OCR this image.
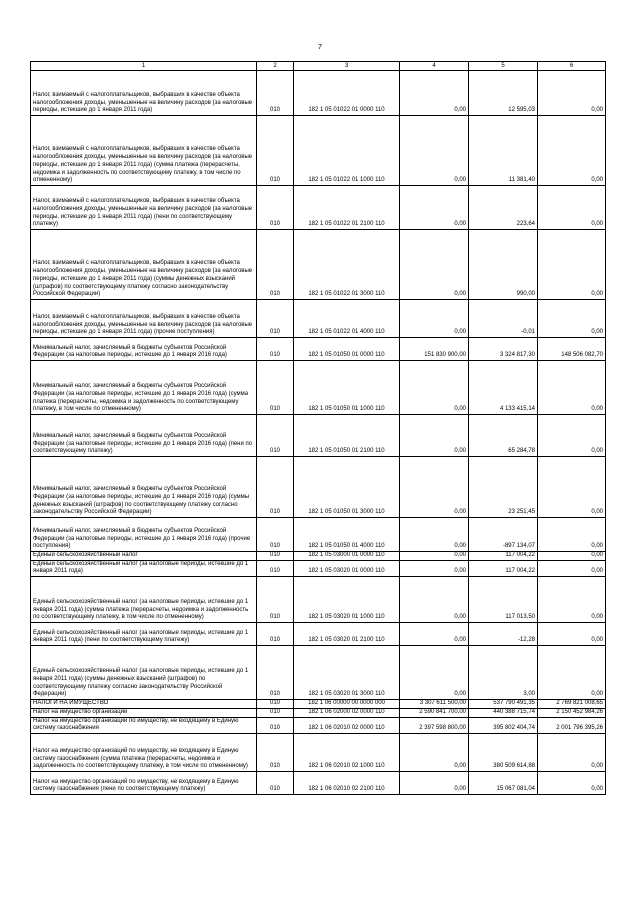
7
1	2	3	4	5	6
Налог, взимаемый с налогоплательщиков, выбравших в качестве объекта налогообложения доходы, уменьшенные на величину расходов (за налоговые периоды, истекшие до 1 января 2011 года)	010	182 1 05 01022 01 0000 110	0,00	12 595,03	0,00
Налог, взимаемый с налогоплательщиков, выбравших в качестве объекта налогообложения доходы, уменьшенные на величину расходов (за налоговые периоды, истекшие до 1 января 2011 года) (сумма платежа (перерасчеты, недоимка и задолженность по соответствующему платежу, в том числе по отмененному)	010	182 1 05 01022 01 1000 110	0,00	11 381,40	0,00
Налог, взимаемый с налогоплательщиков, выбравших в качестве объекта налогообложения доходы, уменьшенные на величину расходов (за налоговые периоды, истекшие до 1 января 2011 года) (пени по соответствующему платежу)	010	182 1 05 01022 01 2100 110	0,00	223,64	0,00
Налог, взимаемый с налогоплательщиков, выбравших в качестве объекта налогообложения доходы, уменьшенные на величину расходов (за налоговые периоды, истекшие до 1 января 2011 года) (суммы денежных взысканий (штрафов) по соответствующему платежу согласно законодательству Российской Федерации)	010	182 1 05 01022 01 3000 110	0,00	990,00	0,00
Налог, взимаемый с налогоплательщиков, выбравших в качестве объекта налогообложения доходы, уменьшенные на величину расходов (за налоговые периоды, истекшие до 1 января 2011 года) (прочие поступления)	010	182 1 05 01022 01 4000 110	0,00	-0,01	0,00
Минимальный налог, зачисляемый в бюджеты субъектов Российской Федерации (за налоговые периоды, истекшие до 1 января 2016 года)	010	182 1 05 01050 01 0000 110	151 830 900,00	3 324 817,30	148 506 082,70
Минимальный налог, зачисляемый в бюджеты субъектов Российской Федерации (за налоговые периоды, истекшие до 1 января 2016 года) (сумма платежа (перерасчеты, недоимка и задолженность по соответствующему платежу, в том числе по отмененному)	010	182 1 05 01050 01 1000 110	0,00	4 133 415,14	0,00
Минимальный налог, зачисляемый в бюджеты субъектов Российской Федерации (за налоговые периоды, истекшие до 1 января 2016 года) (пени по соответствующему платежу)	010	182 1 05 01050 01 2100 110	0,00	65 284,78	0,00
Минимальный налог, зачисляемый в бюджеты субъектов Российской Федерации (за налоговые периоды, истекшие до 1 января 2016 года) (суммы денежных взысканий (штрафов) по соответствующему платежу согласно законодательству Российской Федерации)	010	182 1 05 01050 01 3000 110	0,00	23 251,45	0,00
Минимальный налог, зачисляемый в бюджеты субъектов Российской Федерации (за налоговые периоды, истекшие до 1 января 2016 года) (прочие поступления)	010	182 1 05 01050 01 4000 110	0,00	-897 134,07	0,00
Единый сельскохозяйственный налог	010	182 1 05 03000 01 0000 110	0,00	117 004,22	0,00
Единый сельскохозяйственный налог (за налоговые периоды, истекшие до 1 января 2011 года)	010	182 1 05 03020 01 0000 110	0,00	117 004,22	0,00
Единый сельскохозяйственный налог (за налоговые периоды, истекшие до 1 января 2011 года) (сумма платежа (перерасчеты, недоимка и задолженность по соответствующему платежу, в том числе по отмененному)	010	182 1 05 03020 01 1000 110	0,00	117 013,50	0,00
Единый сельскохозяйственный налог (за налоговые периоды, истекшие до 1 января 2011 года) (пени по соответствующему платежу)	010	182 1 05 03020 01 2100 110	0,00	-12,28	0,00
Единый сельскохозяйственный налог (за налоговые периоды, истекшие до 1 января 2011 года) (суммы денежных взысканий (штрафов) по соответствующему платежу согласно законодательству Российской Федерации)	010	182 1 05 03020 01 3000 110	0,00	3,00	0,00
НАЛОГИ НА ИМУЩЕСТВО	010	182 1 06 00000 00 0000 000	3 307 611 500,00	537 790 491,35	2 769 821 008,65
Налог на имущество организаций	010	182 1 06 02000 02 0000 110	2 590 841 700,00	440 388 715,74	2 150 452 984,26
Налог на имущество организаций по имуществу, не входящему в Единую систему газоснабжения	010	182 1 06 02010 02 0000 110	2 397 598 800,00	395 802 404,74	2 001 796 395,26
Налог на имущество организаций по имуществу, не входящему в Единую систему газоснабжения (сумма платежа (перерасчеты, недоимка и задолженность по соответствующему платежу, в том числе по отмененному)	010	182 1 06 02010 02 1000 110	0,00	380 509 614,88	0,00
Налог на имущество организаций по имуществу, не входящему в Единую систему газоснабжения (пени по соответствующему платежу)	010	182 1 06 02010 02 2100 110	0,00	15 067 081,04	0,00
